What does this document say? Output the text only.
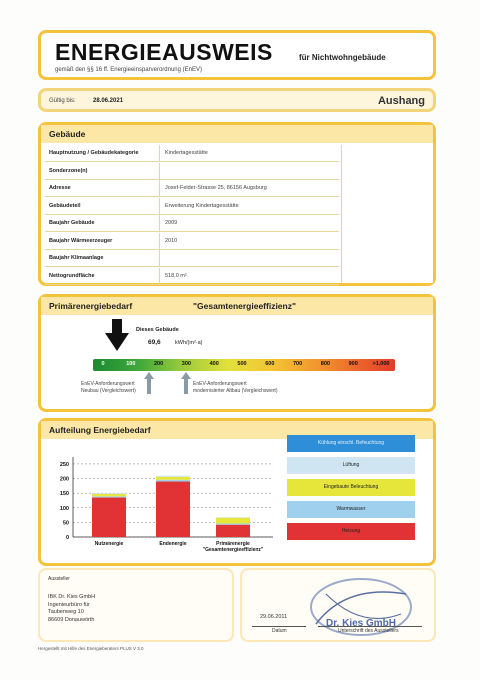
ENERGIEAUSWEIS	für Nichtwohngebäude
gemäß den §§ 16 ff. Energieeinsparverordnung (EnEV)
Gültig bis:	28.06.2021	Aushang
Gebäude
Hauptnutzung / Gebäudekategorie	Kindertagesstätte
Sonderzone(n)
Adresse	Josef-Felder-Strasse 25, 86156 Augsburg
Gebäudeteil	Erweiterung Kindertagesstätte
Baujahr Gebäude	2009
Baujahr Wärmeerzeuger	2010
Baujahr Klimaanlage
Nettogrundfläche	518,0 m²
Primärenergiebedarf	"Gesamtenergieeffizienz"
Dieses Gebäude
69,6	kWh/(m²·a)
0	100	200	300	400	500	600	700	800	900	>1.000
EnEV-Anforderungswert
Neubau (Vergleichswert)
EnEV-Anforderungswert
modernisierter Altbau (Vergleichswert)
Aufteilung Energiebedarf
0
50
100
150
200
250
Nutzenergie	Endenergie	Primärenergie "Gesamtenergieeffizienz"
Kühlung einschl. Befeuchtung
Lüftung
Eingebaute Beleuchtung
Warmwasser
Heizung
Aussteller
IBK Dr. Kies GmbH
Ingenieurbüro für
Taubenweg 10
86609 Donauwörth	Dr. Kies GmbH
29.06.2011
Datum	Unterschrift des Ausstellers
Hergestellt mit Hilfe des Energieberaters PLUS V 3.0
